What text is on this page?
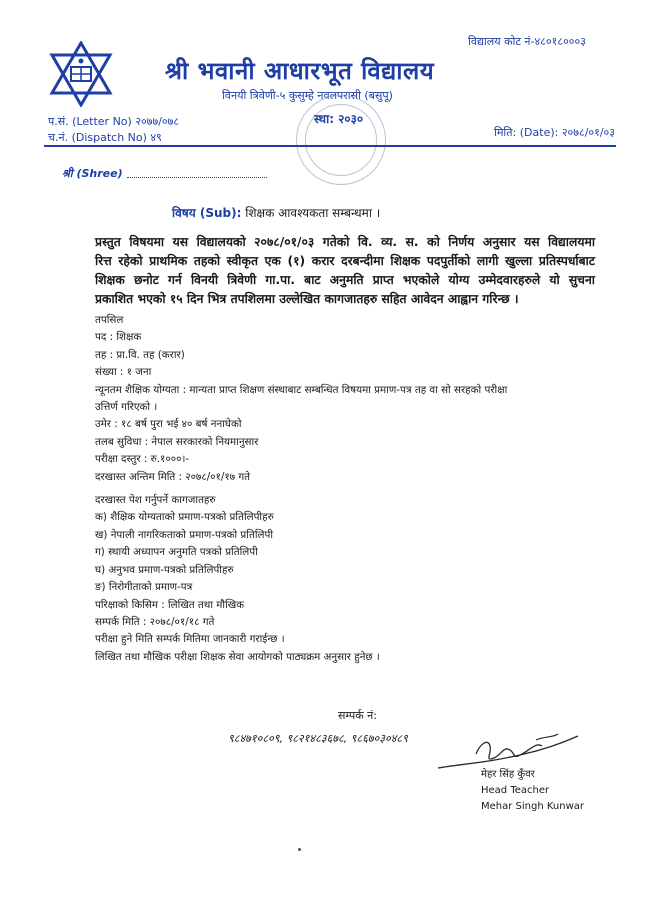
विद्यालय कोट नं-४८०१८०००३
श्री भवानी आधारभूत विद्यालय
विनयी त्रिवेणी-५ कुसुम्हे नवलपरासी (बसुपू)
स्था: २०३०
प.सं. (Letter No) २०७७/०७८
च.नं. (Dispatch No) ४९	मिति: (Date): २०७८/०१/०३
श्री (Shree)
विषय (Sub): शिक्षक आवश्यकता सम्बन्धमा ।
प्रस्तुत विषयमा यस विद्यालयको २०७८/०१/०३ गतेको वि. व्य. स. को निर्णय अनुसार यस विद्यालयमा
रित्त रहेको प्राथमिक तहको स्वीकृत एक (१) करार दरबन्दीमा शिक्षक पदपुर्तीको लागी खुल्ला प्रतिस्पर्धाबाट
शिक्षक छनोट गर्न विनयी त्रिवेणी गा.पा. बाट अनुमति प्राप्त भएकोले योग्य उम्मेदवारहरुले यो सुचना
प्रकाशित भएको १५ दिन भित्र तपशिलमा उल्लेखित कागजातहरु सहित आवेदन आह्वान गरिन्छ ।
तपसिल
पद : शिक्षक
तह : प्रा.वि. तह (करार)
संख्या : १ जना
न्यूनतम शैक्षिक योग्यता : मान्यता प्राप्त शिक्षण संस्थाबाट सम्बन्धित विषयमा प्रमाण-पत्र तह वा सो सरहको परीक्षा
उत्तिर्ण गरिएको ।
उमेर : १८ बर्ष पुरा भई ४० बर्ष ननाघेको
तलब सुविधा : नेपाल सरकारको नियमानुसार
परीक्षा दस्तुर : रु.१०००।-
दरखास्त अन्तिम मिति : २०७८/०१/१७ गते
दरखास्त पेश गर्नुपर्ने कागजातहरु
क) शैक्षिक योग्यताको प्रमाण-पत्रको प्रतिलिपीहरु
ख) नेपाली नागरिकताको प्रमाण-पत्रको प्रतिलिपी
ग) स्थायी अध्यापन अनुमति पत्रको प्रतिलिपी
घ) अनुभव प्रमाण-पत्रको प्रतिलिपीहरु
ङ) निरोगीताको प्रमाण-पत्र
परिक्षाको किसिम : लिखित तथा मौखिक
सम्पर्क मिति : २०७८/०१/१८ गते
परीक्षा हुने मिति सम्पर्क मितिमा जानकारी गराईन्छ ।
लिखित तथा मौखिक परीक्षा शिक्षक सेवा आयोगको पाठ्यक्रम अनुसार हुनेछ ।
सम्पर्क नं:
९८४७१०८०९, ९८२१४८३६७८, ९८६७०३०४८९
मेहर सिंह कुँवर
Head Teacher
Mehar Singh Kunwar
